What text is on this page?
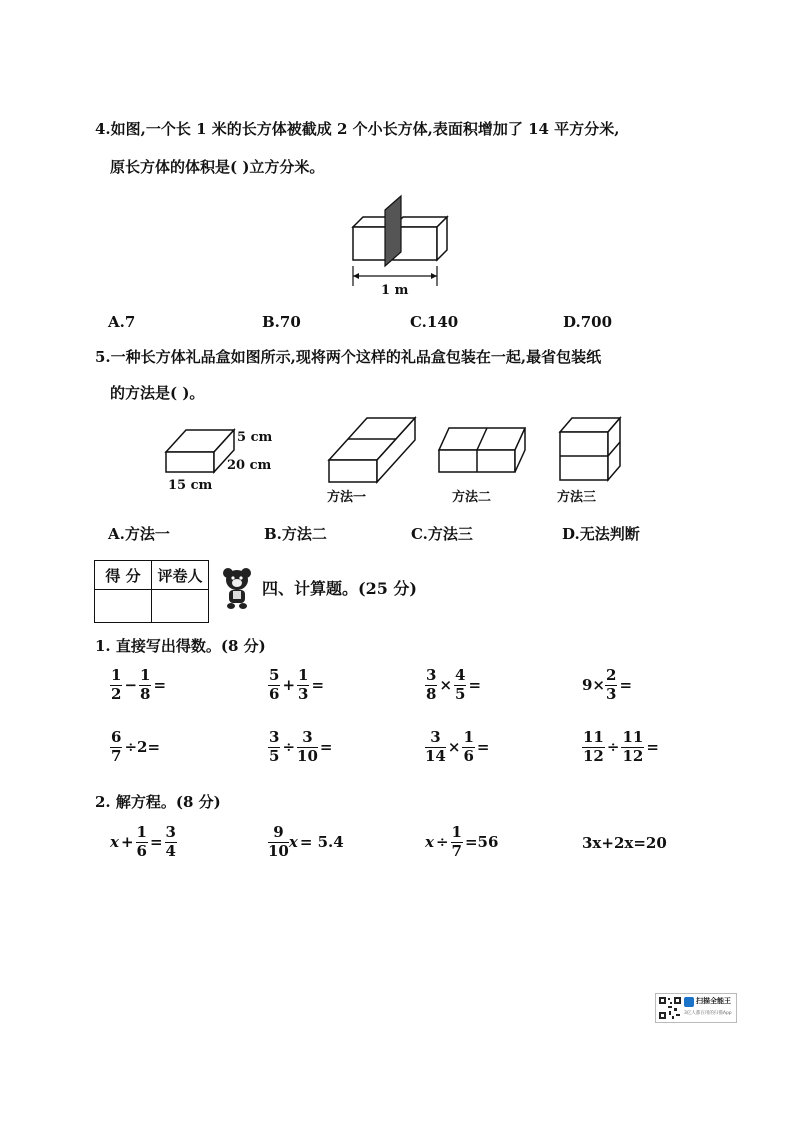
4.如图,一个长 1 米的长方体被截成 2 个小长方体,表面积增加了 14 平方分米,
原长方体的体积是( )立方分米。
1 m
A.7	B.70	C.140	D.700
5.一种长方体礼品盒如图所示,现将两个这样的礼品盒包装在一起,最省包装纸
的方法是( )。
5 cm
20 cm
15 cm
方法一	方法二	方法三
A.方法一	B.方法二	C.方法三	D.无法判断
得 分	评卷人

四、计算题。(25 分)
1. 直接写出得数。(8 分)
$\frac{1}{2} - \frac{1}{8}$ =	$\frac{5}{6} + \frac{1}{3}$ =	$\frac{3}{8} \times \frac{4}{5}$ =	$9\times \frac{2}{3}$ =
$\frac{6}{7} \div 2=$	$\frac{3}{5} \div \frac{3}{10}$ =	$\frac{3}{14} \times \frac{1}{6}$ =	$\frac{11}{12} \div \frac{11}{12}$ =
2. 解方程。(8 分)
$x + \frac{1}{6} = \frac{3}{4}$	$\frac{9}{10}$ x = 5.4	$x \div \frac{1}{7} =56$	3x+2x=20
扫描全能王
3亿人都在用的扫描App
